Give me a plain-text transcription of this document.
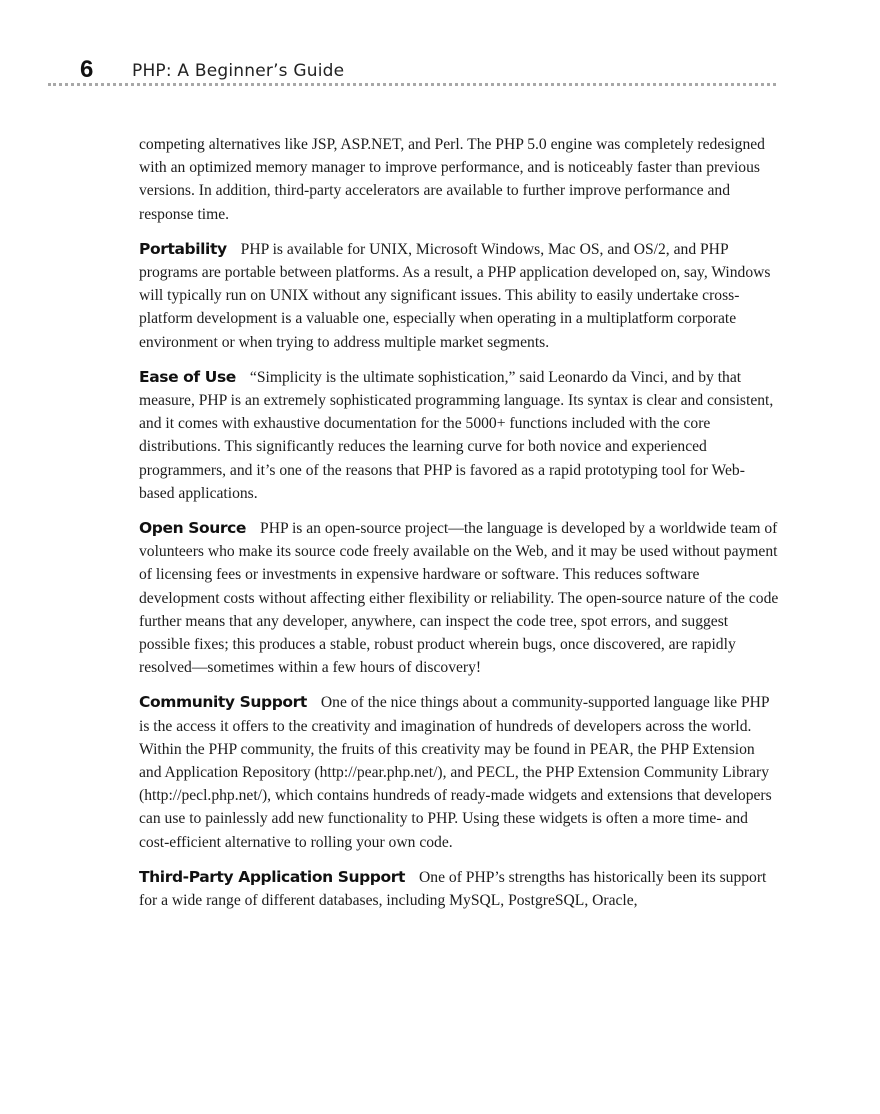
6 PHP: A Beginner’s Guide

competing alternatives like JSP, ASP.NET, and Perl. The PHP 5.0 engine was completely redesigned with an optimized memory manager to improve performance, and is noticeably faster than previous versions. In addition, third-party accelerators are available to further improve performance and response time.

Portability PHP is available for UNIX, Microsoft Windows, Mac OS, and OS/2, and PHP programs are portable between platforms. As a result, a PHP application developed on, say, Windows will typically run on UNIX without any significant issues. This ability to easily undertake cross-platform development is a valuable one, especially when operating in a multiplatform corporate environment or when trying to address multiple market segments.

Ease of Use “Simplicity is the ultimate sophistication,” said Leonardo da Vinci, and by that measure, PHP is an extremely sophisticated programming language. Its syntax is clear and consistent, and it comes with exhaustive documentation for the 5000+ functions included with the core distributions. This significantly reduces the learning curve for both novice and experienced programmers, and it’s one of the reasons that PHP is favored as a rapid prototyping tool for Web-based applications.

Open Source PHP is an open-source project—the language is developed by a worldwide team of volunteers who make its source code freely available on the Web, and it may be used without payment of licensing fees or investments in expensive hardware or software. This reduces software development costs without affecting either flexibility or reliability. The open-source nature of the code further means that any developer, anywhere, can inspect the code tree, spot errors, and suggest possible fixes; this produces a stable, robust product wherein bugs, once discovered, are rapidly resolved—sometimes within a few hours of discovery!

Community Support One of the nice things about a community-supported language like PHP is the access it offers to the creativity and imagination of hundreds of developers across the world. Within the PHP community, the fruits of this creativity may be found in PEAR, the PHP Extension and Application Repository (http://pear.php.net/), and PECL, the PHP Extension Community Library (http://pecl.php.net/), which contains hundreds of ready-made widgets and extensions that developers can use to painlessly add new functionality to PHP. Using these widgets is often a more time- and cost-efficient alternative to rolling your own code.

Third-Party Application Support One of PHP’s strengths has historically been its support for a wide range of different databases, including MySQL, PostgreSQL, Oracle,
